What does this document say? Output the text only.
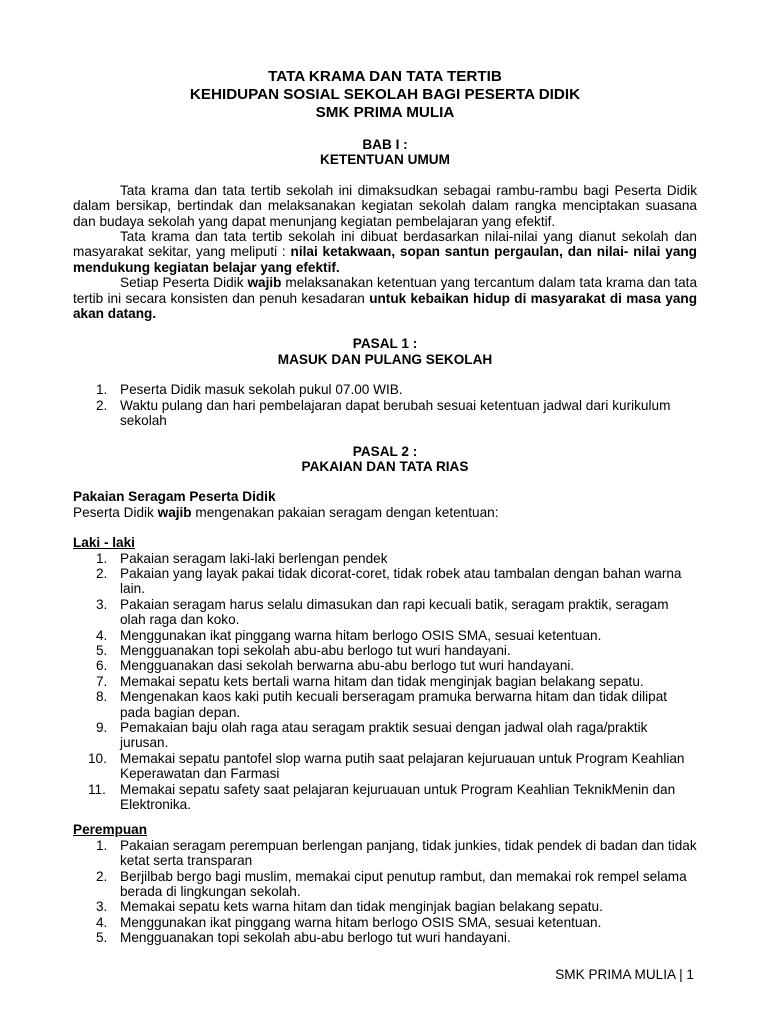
TATA KRAMA DAN TATA TERTIB
KEHIDUPAN SOSIAL SEKOLAH BAGI PESERTA DIDIK
SMK PRIMA MULIA
BAB I :
KETENTUAN UMUM
Tata krama dan tata tertib sekolah ini dimaksudkan sebagai rambu-rambu bagi Peserta Didik dalam bersikap, bertindak dan melaksanakan kegiatan sekolah dalam rangka menciptakan suasana dan budaya sekolah yang dapat menunjang kegiatan pembelajaran yang efektif.
Tata krama dan tata tertib sekolah ini dibuat berdasarkan nilai-nilai yang dianut sekolah dan masyarakat sekitar, yang meliputi : nilai ketakwaan, sopan santun pergaulan, dan nilai- nilai yang mendukung kegiatan belajar yang efektif.
Setiap Peserta Didik wajib melaksanakan ketentuan yang tercantum dalam tata krama dan tata tertib ini secara konsisten dan penuh kesadaran untuk kebaikan hidup di masyarakat di masa yang akan datang.
PASAL 1 :
MASUK DAN PULANG SEKOLAH
1. Peserta Didik masuk sekolah pukul 07.00 WIB.
2. Waktu pulang dan hari pembelajaran dapat berubah sesuai ketentuan jadwal dari kurikulum sekolah
PASAL 2 :
PAKAIAN DAN TATA RIAS
Pakaian Seragam Peserta Didik
Peserta Didik wajib mengenakan pakaian seragam dengan ketentuan:
Laki - laki
1. Pakaian seragam laki-laki berlengan pendek
2. Pakaian yang layak pakai tidak dicorat-coret, tidak robek atau tambalan dengan bahan warna lain.
3. Pakaian seragam harus selalu dimasukan dan rapi kecuali batik, seragam praktik, seragam olah raga dan koko.
4. Menggunakan ikat pinggang warna hitam berlogo OSIS SMA, sesuai ketentuan.
5. Mengguanakan topi sekolah abu-abu berlogo tut wuri handayani.
6. Mengguanakan dasi sekolah berwarna abu-abu berlogo tut wuri handayani.
7. Memakai sepatu kets bertali warna hitam dan tidak menginjak bagian belakang sepatu.
8. Mengenakan kaos kaki putih kecuali berseragam pramuka berwarna hitam dan tidak dilipat pada bagian depan.
9. Pemakaian baju olah raga atau seragam praktik sesuai dengan jadwal olah raga/praktik jurusan.
10. Memakai sepatu pantofel slop warna putih saat pelajaran kejuruauan untuk Program Keahlian Keperawatan dan Farmasi
11. Memakai sepatu safety saat pelajaran kejuruauan untuk Program Keahlian TeknikMenin dan Elektronika.
Perempuan
1. Pakaian seragam perempuan berlengan panjang, tidak junkies, tidak pendek di badan dan tidak ketat serta transparan
2. Berjilbab bergo bagi muslim, memakai ciput penutup rambut, dan memakai rok rempel selama berada di lingkungan sekolah.
3. Memakai sepatu kets warna hitam dan tidak menginjak bagian belakang sepatu.
4. Menggunakan ikat pinggang warna hitam berlogo OSIS SMA, sesuai ketentuan.
5. Mengguanakan topi sekolah abu-abu berlogo tut wuri handayani.
SMK PRIMA MULIA | 1
